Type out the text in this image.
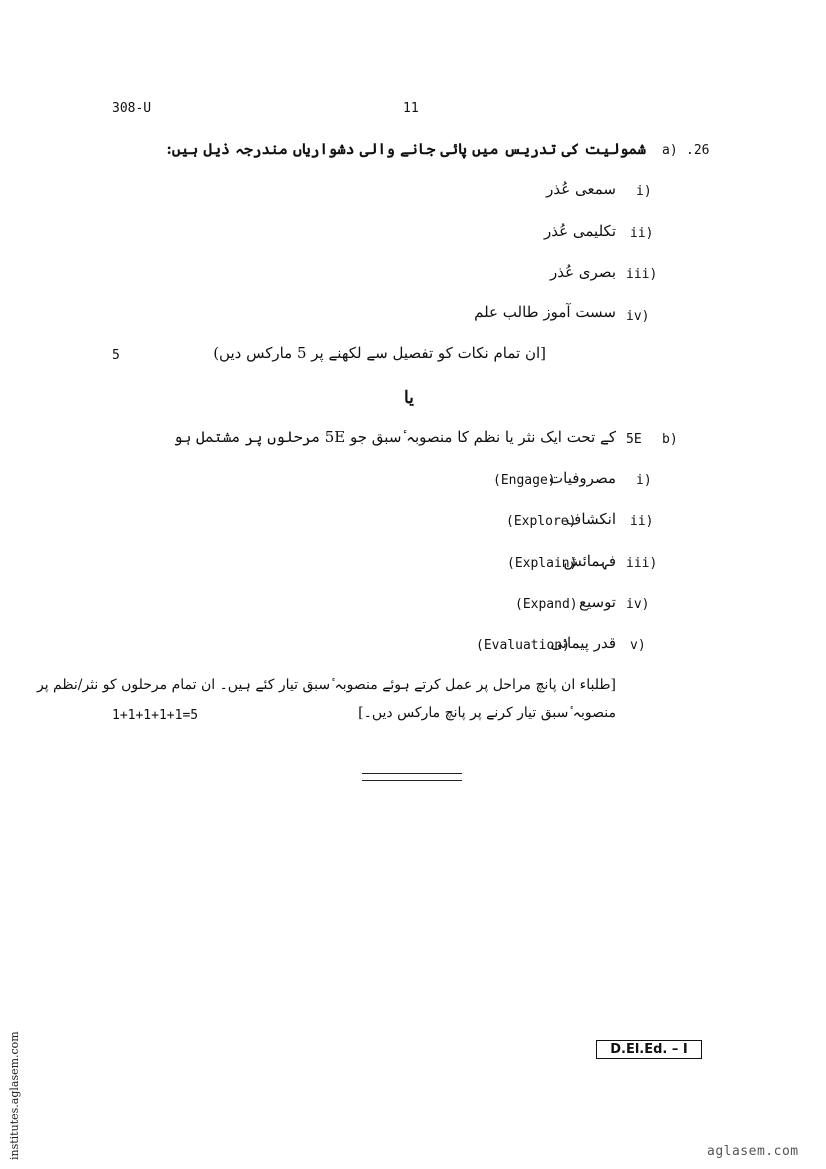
308-U	11
.26
a)
شمولیت کی تدریس میں پائی جانے والی دشواریاں مندرجہ ذیل ہیں:
i)
سمعی عُذر
ii)
تکلیمی عُذر
iii)
بصری عُذر
iv)
سست آموز طالب علم
5	[ان تمام نکات کو تفصیل سے لکھنے پر 5 مارکس دیں)
یا
b)
5E
کے تحت ایک نثر یا نظم کا منصوبہ ٔسبق جو 5E مرحلوں پر مشتمل ہو
i)
مصروفیات
(Engage)
ii)
انکشاف
(Explore)
iii)
فہمائش
(Explain)
iv)
توسیع
(Expand)
v)
قدر پیمائی
(Evaluation)
[طلباء ان پانچ مراحل پر عمل کرتے ہوئے منصوبہ ٔسبق تیار کئے ہیں۔ ان تمام مرحلوں کو نثر/نظم پر
منصوبہ ٔسبق تیار کرنے پر پانچ مارکس دیں۔]
1+1+1+1+1=5
D.El.Ed. – I
institutes.aglasem.com	aglasem.com
